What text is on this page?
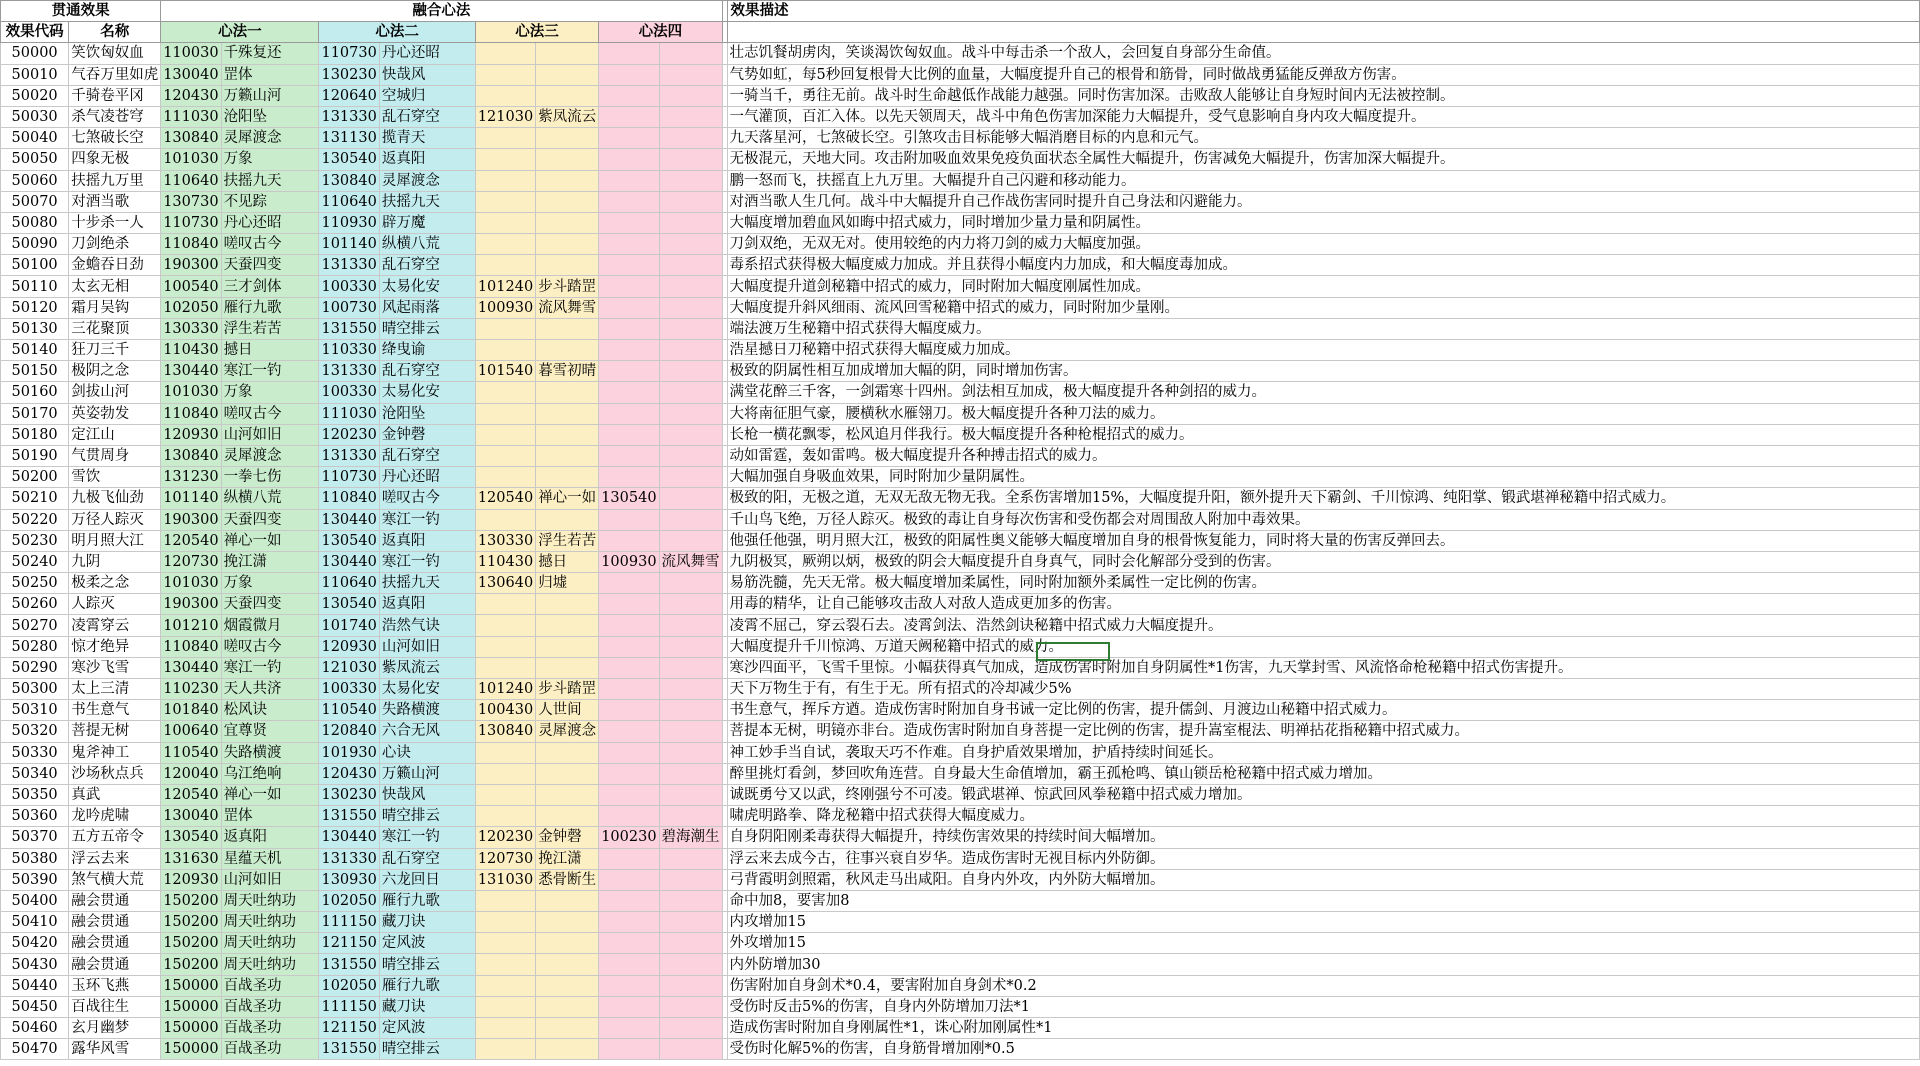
贯通效果		融合心法									效果描述
效果代码	名称	心法一		心法二		心法三		心法四			
50000	笑饮匈奴血	110030	千殊复还	110730	丹心还昭						壮志饥餐胡虏肉，笑谈渴饮匈奴血。战斗中每击杀一个敌人，会回复自身部分生命值。
50010	气吞万里如虎	130040	罡体	130230	快哉风						气势如虹，每5秒回复根骨大比例的血量，大幅度提升自己的根骨和筋骨，同时做战勇猛能反弹敌方伤害。
50020	千骑卷平冈	120430	万籁山河	120640	空城归						一骑当千，勇往无前。战斗时生命越低作战能力越强。同时伤害加深。击败敌人能够让自身短时间内无法被控制。
50030	杀气凌苍穹	111030	沧阳坠	131330	乱石穿空	121030	紫凤流云				一气灌顶，百汇入体。以先天领周天，战斗中角色伤害加深能力大幅提升，受气息影响自身内攻大幅度提升。
50040	七煞破长空	130840	灵犀渡念	131130	揽青天						九天落星河，七煞破长空。引煞攻击目标能够大幅消磨目标的内息和元气。
50050	四象无极	101030	万象	130540	返真阳						无极混元，天地大同。攻击附加吸血效果免疫负面状态全属性大幅提升，伤害减免大幅提升，伤害加深大幅提升。
50060	扶摇九万里	110640	扶摇九天	130840	灵犀渡念						鹏一怒而飞，扶摇直上九万里。大幅提升自己闪避和移动能力。
50070	对酒当歌	130730	不见踪	110640	扶摇九天						对酒当歌人生几何。战斗中大幅提升自己作战伤害同时提升自己身法和闪避能力。
50080	十步杀一人	110730	丹心还昭	110930	辟万魔						大幅度增加碧血风如晦中招式威力，同时增加少量力量和阴属性。
50090	刀剑绝杀	110840	嗟叹古今	101140	纵横八荒						刀剑双绝，无双无对。使用较绝的内力将刀剑的威力大幅度加强。
50100	金蟾吞日劲	190300	天蚕四变	131330	乱石穿空						毒系招式获得极大幅度威力加成。并且获得小幅度内力加成，和大幅度毒加成。
50110	太玄无相	100540	三才剑体	100330	太易化安	101240	步斗踏罡				大幅度提升道剑秘籍中招式的威力，同时附加大幅度刚属性加成。
50120	霜月吴钩	102050	雁行九歌	100730	风起雨落	100930	流风舞雪				大幅度提升斜风细雨、流风回雪秘籍中招式的威力，同时附加少量刚。
50130	三花聚顶	130330	浮生若苦	131550	晴空排云						端法渡万生秘籍中招式获得大幅度威力。
50140	狂刀三千	110430	撼日	110330	绛曳谕						浩星撼日刀秘籍中招式获得大幅度威力加成。
50150	极阴之念	130440	寒江一钓	131330	乱石穿空	101540	暮雪初晴				极致的阴属性相互加成增加大幅的阴，同时增加伤害。
50160	剑拔山河	101030	万象	100330	太易化安						满堂花醉三千客，一剑霜寒十四州。剑法相互加成，极大幅度提升各种剑招的威力。
50170	英姿勃发	110840	嗟叹古今	111030	沧阳坠						大将南征胆气豪，腰横秋水雁翎刀。极大幅度提升各种刀法的威力。
50180	定江山	120930	山河如旧	120230	金钟磬						长枪一横花飘零，松风追月伴我行。极大幅度提升各种枪棍招式的威力。
50190	气贯周身	130840	灵犀渡念	131330	乱石穿空						动如雷霆，轰如雷鸣。极大幅度提升各种搏击招式的威力。
50200	雪饮	131230	一拳七伤	110730	丹心还昭						大幅加强自身吸血效果，同时附加少量阴属性。
50210	九极飞仙劲	101140	纵横八荒	110840	嗟叹古今	120540	禅心一如	130540			极致的阳，无极之道，无双无敌无物无我。全系伤害增加15%，大幅度提升阳，额外提升天下霸剑、千川惊鸿、纯阳掌、锻武堪禅秘籍中招式威力。
50220	万径人踪灭	190300	天蚕四变	130440	寒江一钓						千山鸟飞绝，万径人踪灭。极致的毒让自身每次伤害和受伤都会对周围敌人附加中毒效果。
50230	明月照大江	120540	禅心一如	130540	返真阳	130330	浮生若苦				他强任他强，明月照大江，极致的阳属性奥义能够大幅度增加自身的根骨恢复能力，同时将大量的伤害反弹回去。
50240	九阴	120730	挽江潇	130440	寒江一钓	110430	撼日	100930	流风舞雪		九阴极冥，厥朔以炳，极致的阴会大幅度提升自身真气，同时会化解部分受到的伤害。
50250	极柔之念	101030	万象	110640	扶摇九天	130640	归墟				易筋洗髓，先天无常。极大幅度增加柔属性，同时附加额外柔属性一定比例的伤害。
50260	人踪灭	190300	天蚕四变	130540	返真阳						用毒的精华，让自己能够攻击敌人对敌人造成更加多的伤害。
50270	凌霄穿云	101210	烟霞微月	101740	浩然气诀						凌霄不屈己，穿云裂石去。凌霄剑法、浩然剑诀秘籍中招式威力大幅度提升。
50280	惊才绝异	110840	嗟叹古今	120930	山河如旧						大幅度提升千川惊鸿、万道天阙秘籍中招式的威力。
50290	寒沙飞雪	130440	寒江一钓	121030	紫凤流云						寒沙四面平，飞雪千里惊。小幅获得真气加成，造成伤害时附加自身阴属性*1伤害，九天掌封雪、风流恪命枪秘籍中招式伤害提升。
50300	太上三清	110230	天人共济	100330	太易化安	101240	步斗踏罡				天下万物生于有，有生于无。所有招式的冷却减少5%
50310	书生意气	101840	松风诀	110540	失路横渡	100430	人世间				书生意气，挥斥方遒。造成伤害时附加自身书诫一定比例的伤害，提升儒剑、月渡边山秘籍中招式威力。
50320	菩提无树	100640	宜尊贤	120840	六合无风	130840	灵犀渡念				菩提本无树，明镜亦非台。造成伤害时附加自身菩提一定比例的伤害，提升嵩室棍法、明禅拈花指秘籍中招式威力。
50330	鬼斧神工	110540	失路横渡	101930	心诀						神工妙手当自试，袭取天巧不作难。自身护盾效果增加，护盾持续时间延长。
50340	沙场秋点兵	120040	乌江绝响	120430	万籁山河						醉里挑灯看剑，梦回吹角连营。自身最大生命值增加，霸王孤枪鸣、镇山锁岳枪秘籍中招式威力增加。
50350	真武	120540	禅心一如	130230	快哉风						诚既勇兮又以武，终刚强兮不可凌。锻武堪禅、惊武回风拳秘籍中招式威力增加。
50360	龙吟虎啸	130040	罡体	131550	晴空排云						啸虎明路拳、降龙秘籍中招式获得大幅度威力。
50370	五方五帝令	130540	返真阳	130440	寒江一钓	120230	金钟磬	100230	碧海潮生		自身阴阳刚柔毒获得大幅提升，持续伤害效果的持续时间大幅增加。
50380	浮云去来	131630	星蕴天机	131330	乱石穿空	120730	挽江潇				浮云来去成今古，往事兴衰自岁华。造成伤害时无视目标内外防御。
50390	煞气横大荒	120930	山河如旧	130930	六龙回日	131030	悉骨断生				弓背霞明剑照霜，秋风走马出咸阳。自身内外攻，内外防大幅增加。
50400	融会贯通	150200	周天吐纳功	102050	雁行九歌						命中加8，要害加8
50410	融会贯通	150200	周天吐纳功	111150	藏刀诀						内攻增加15
50420	融会贯通	150200	周天吐纳功	121150	定风波						外攻增加15
50430	融会贯通	150200	周天吐纳功	131550	晴空排云						内外防增加30
50440	玉环飞燕	150000	百战圣功	102050	雁行九歌						伤害附加自身剑术*0.4，要害附加自身剑术*0.2
50450	百战往生	150000	百战圣功	111150	藏刀诀						受伤时反击5%的伤害，自身内外防增加刀法*1
50460	玄月幽梦	150000	百战圣功	121150	定风波						造成伤害时附加自身刚属性*1，诛心附加刚属性*1
50470	露华风雪	150000	百战圣功	131550	晴空排云						受伤时化解5%的伤害，自身筋骨增加刚*0.5
